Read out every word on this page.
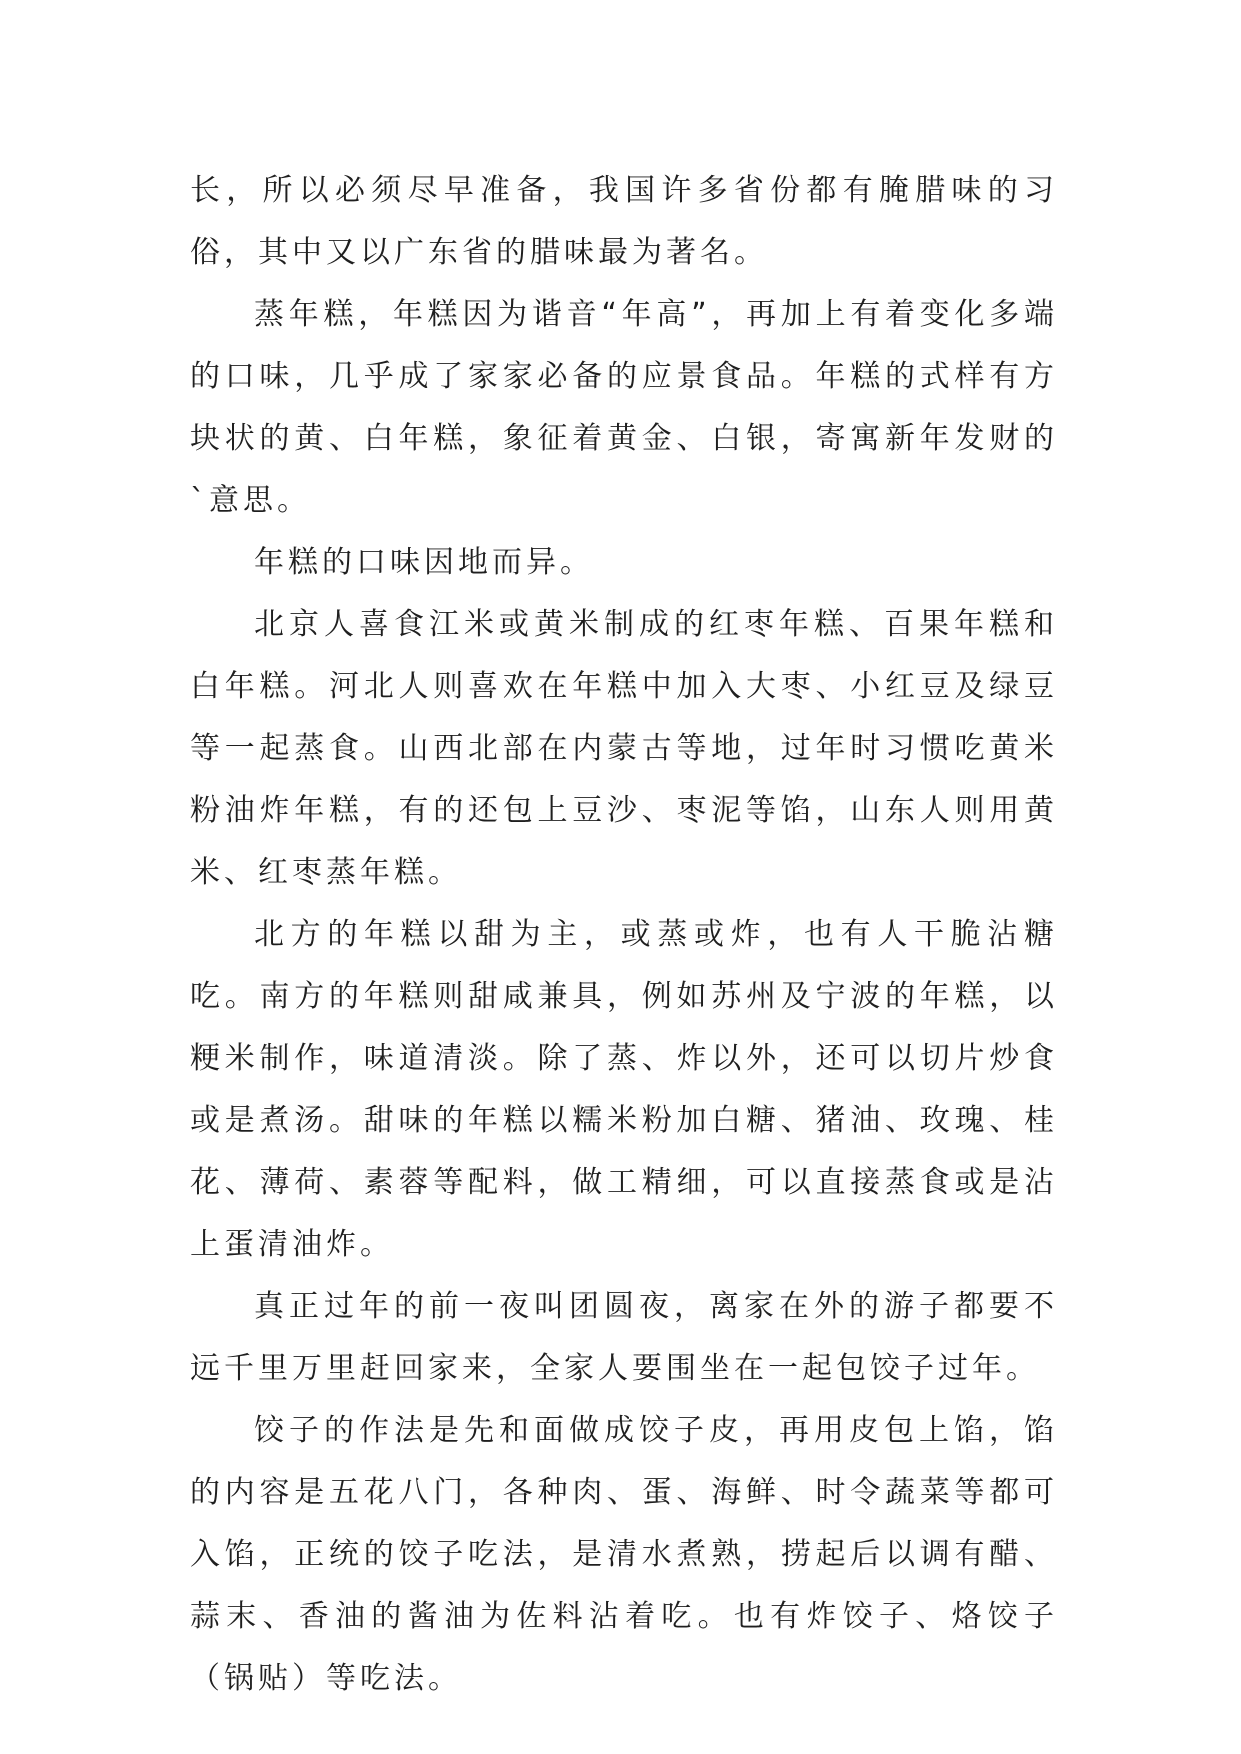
长，所以必须尽早准备，我国许多省份都有腌腊味的习俗，其中又以广东省的腊味最为著名。

蒸年糕，年糕因为谐音“年高”，再加上有着变化多端的口味，几乎成了家家必备的应景食品。年糕的式样有方块状的黄、白年糕，象征着黄金、白银，寄寓新年发财的`意思。

年糕的口味因地而异。

北京人喜食江米或黄米制成的红枣年糕、百果年糕和白年糕。河北人则喜欢在年糕中加入大枣、小红豆及绿豆等一起蒸食。山西北部在内蒙古等地，过年时习惯吃黄米粉油炸年糕，有的还包上豆沙、枣泥等馅，山东人则用黄米、红枣蒸年糕。

北方的年糕以甜为主，或蒸或炸，也有人干脆沾糖吃。南方的年糕则甜咸兼具，例如苏州及宁波的年糕，以粳米制作，味道清淡。除了蒸、炸以外，还可以切片炒食或是煮汤。甜味的年糕以糯米粉加白糖、猪油、玫瑰、桂花、薄荷、素蓉等配料，做工精细，可以直接蒸食或是沾上蛋清油炸。

真正过年的前一夜叫团圆夜，离家在外的游子都要不远千里万里赶回家来，全家人要围坐在一起包饺子过年。

饺子的作法是先和面做成饺子皮，再用皮包上馅，馅的内容是五花八门，各种肉、蛋、海鲜、时令蔬菜等都可入馅，正统的饺子吃法，是清水煮熟，捞起后以调有醋、蒜末、香油的酱油为佐料沾着吃。也有炸饺子、烙饺子（锅贴）等吃法。
